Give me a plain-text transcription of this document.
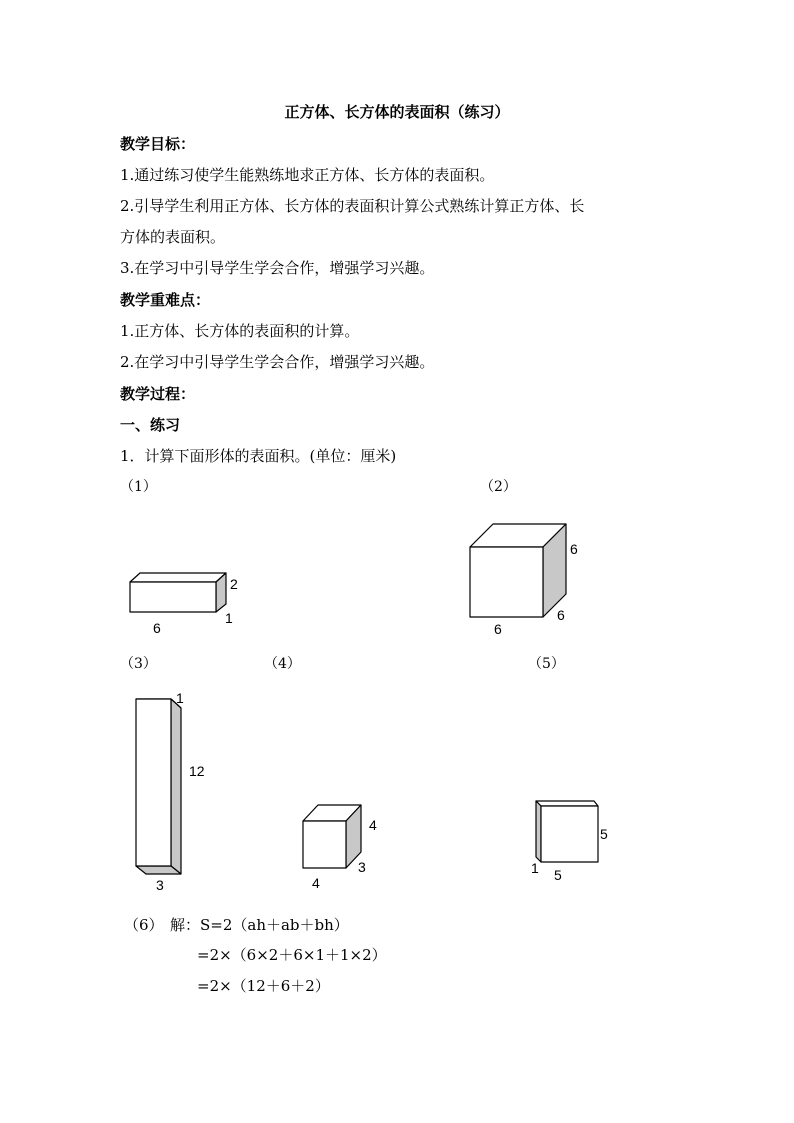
正方体、长方体的表面积（练习）
教学目标：
1.通过练习使学生能熟练地求正方体、长方体的表面积。
2.引导学生利用正方体、长方体的表面积计算公式熟练计算正方体、长
方体的表面积。
3.在学习中引导学生学会合作，增强学习兴趣。
教学重难点：
1.正方体、长方体的表面积的计算。
2.在学习中引导学生学会合作，增强学习兴趣。
教学过程：
一、练习
1．计算下面形体的表面积。(单位：厘米)
（1）	（2）
（3）	（4）	（5）
2
1
6
6
6
6
1
12
3
4
3
4
5
1 5
（6） 解：S=2（ah＋ab＋bh）
=2×（6×2＋6×1＋1×2）
=2×（12＋6＋2）
